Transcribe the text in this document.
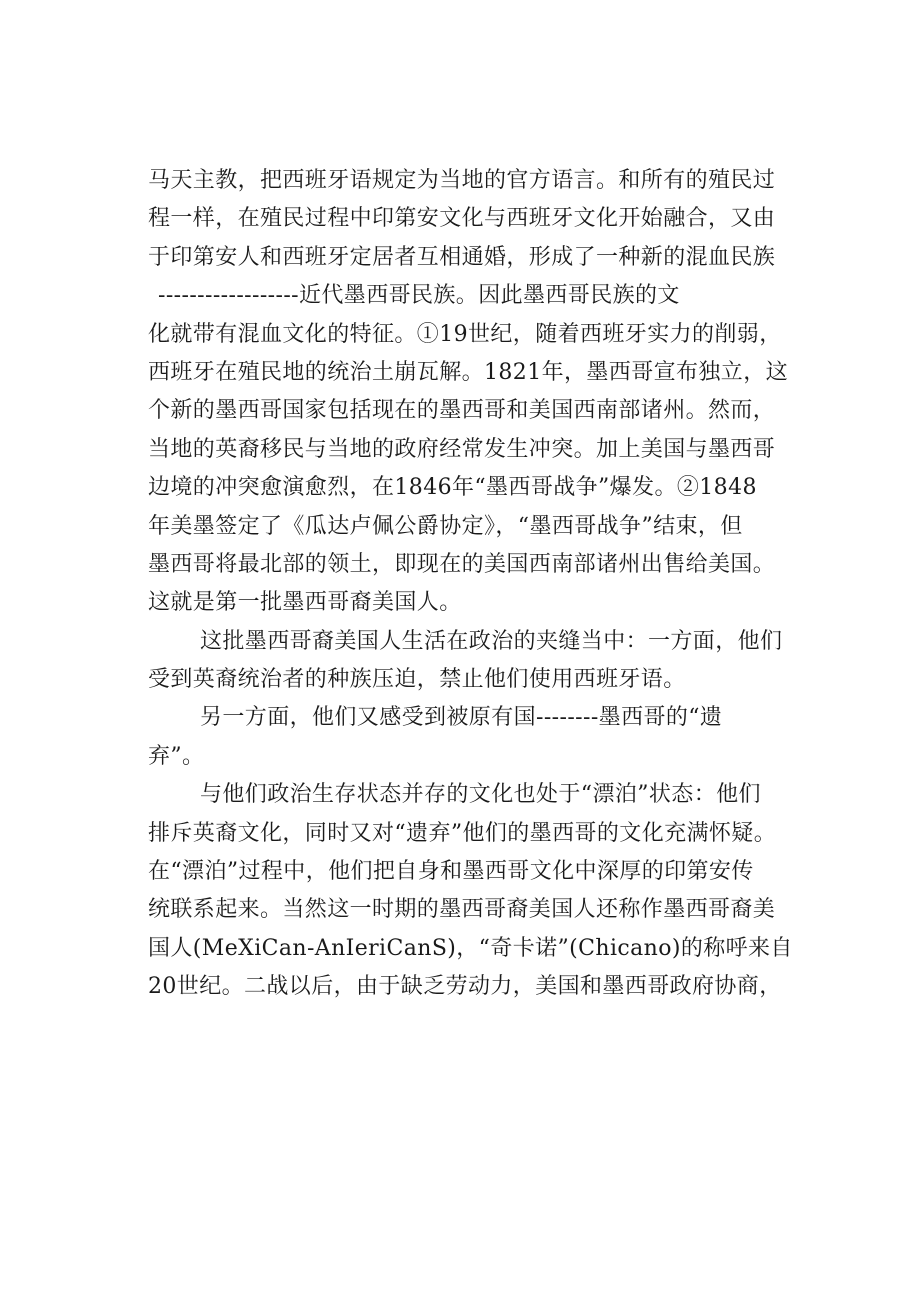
马天主教，把西班牙语规定为当地的官方语言。和所有的殖民过
程一样，在殖民过程中印第安文化与西班牙文化开始融合，又由
于印第安人和西班牙定居者互相通婚，形成了一种新的混血民族
------------------近代墨西哥民族。因此墨西哥民族的文
化就带有混血文化的特征。①19世纪，随着西班牙实力的削弱，
西班牙在殖民地的统治土崩瓦解。1821年，墨西哥宣布独立，这
个新的墨西哥国家包括现在的墨西哥和美国西南部诸州。然而，
当地的英裔移民与当地的政府经常发生冲突。加上美国与墨西哥
边境的冲突愈演愈烈，在1846年“墨西哥战争”爆发。②1848
年美墨签定了《瓜达卢佩公爵协定》，“墨西哥战争”结束，但
墨西哥将最北部的领土，即现在的美国西南部诸州出售给美国。
这就是第一批墨西哥裔美国人。
这批墨西哥裔美国人生活在政治的夹缝当中：一方面，他们
受到英裔统治者的种族压迫，禁止他们使用西班牙语。
另一方面，他们又感受到被原有国--------墨西哥的“遗
弃”。
与他们政治生存状态并存的文化也处于“漂泊”状态：他们
排斥英裔文化，同时又对“遗弃”他们的墨西哥的文化充满怀疑。
在“漂泊”过程中，他们把自身和墨西哥文化中深厚的印第安传
统联系起来。当然这一时期的墨西哥裔美国人还称作墨西哥裔美
国人(MeXiCan-AnIeriCanS)，“奇卡诺”(Chicano)的称呼来自
20世纪。二战以后，由于缺乏劳动力，美国和墨西哥政府协商，
